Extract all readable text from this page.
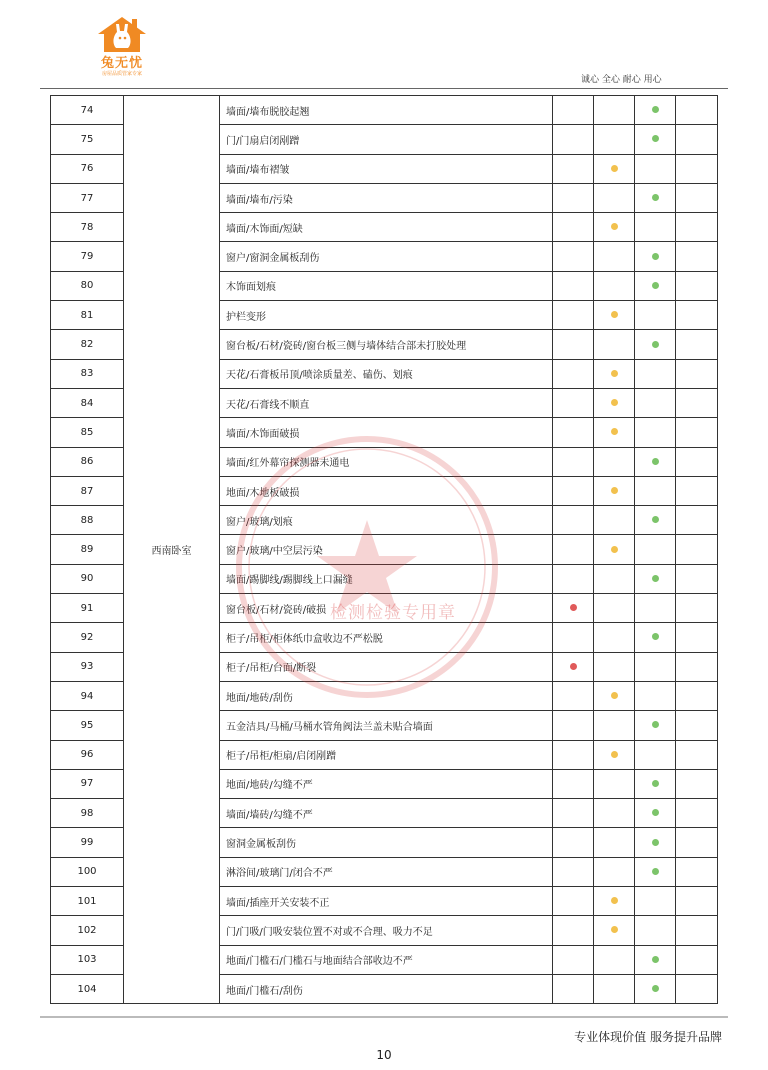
兔无忧
房屋品质管家专家
诚心 全心 耐心 用心
74	西南卧室	墙面/墙布脱胶起翘				
75		门/门扇启闭剐蹭				
76		墙面/墙布褶皱				
77		墙面/墙布/污染				
78		墙面/木饰面/短缺				
79		窗户/窗洞金属板刮伤				
80		木饰面划痕				
81		护栏变形				
82		窗台板/石材/瓷砖/窗台板三侧与墙体结合部未打胶处理				
83		天花/石膏板吊顶/喷涂质量差、磕伤、划痕				
84		天花/石膏线不顺直				
85		墙面/木饰面破损				
86		墙面/红外幕帘探测器未通电				
87		地面/木地板破损				
88		窗户/玻璃/划痕				
89		窗户/玻璃/中空层污染				
90		墙面/踢脚线/踢脚线上口漏缝				
91		窗台板/石材/瓷砖/破损				
92		柜子/吊柜/柜体纸巾盒收边不严松脱				
93		柜子/吊柜/台面/断裂				
94		地面/地砖/刮伤				
95		五金洁具/马桶/马桶水管角阀法兰盖未贴合墙面				
96		柜子/吊柜/柜扇/启闭剐蹭				
97		地面/地砖/勾缝不严				
98		墙面/墙砖/勾缝不严				
99		窗洞金属板刮伤				
100		淋浴间/玻璃门/闭合不严				
101		墙面/插座开关安装不正				
102		门/门吸/门吸安装位置不对或不合理、吸力不足				
103		地面/门槛石/门槛石与地面结合部收边不严				
104		地面/门槛石/刮伤				
检测检验专用章
专业体现价值 服务提升品牌
10
